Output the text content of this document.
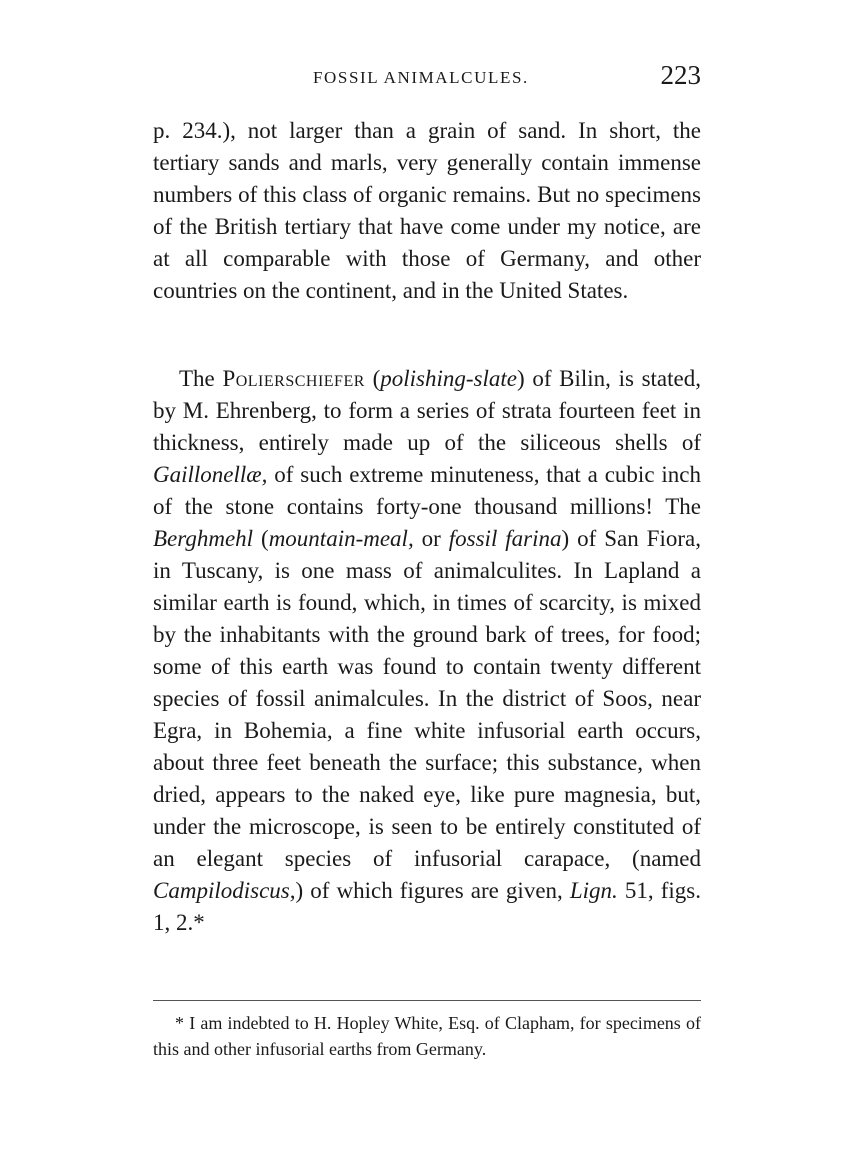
FOSSIL ANIMALCULES.	223

p. 234.), not larger than a grain of sand. In short, the tertiary sands and marls, very generally contain immense numbers of this class of organic remains. But no specimens of the British tertiary that have come under my notice, are at all comparable with those of Germany, and other countries on the continent, and in the United States.

The Polierschiefer (polishing-slate) of Bilin, is stated, by M. Ehrenberg, to form a series of strata fourteen feet in thickness, entirely made up of the siliceous shells of Gaillonellæ, of such extreme minuteness, that a cubic inch of the stone contains forty-one thousand millions! The Berghmehl (mountain-meal, or fossil farina) of San Fiora, in Tuscany, is one mass of animalculites. In Lapland a similar earth is found, which, in times of scarcity, is mixed by the inhabitants with the ground bark of trees, for food; some of this earth was found to contain twenty different species of fossil animalcules. In the district of Soos, near Egra, in Bohemia, a fine white infusorial earth occurs, about three feet beneath the surface; this substance, when dried, appears to the naked eye, like pure magnesia, but, under the microscope, is seen to be entirely constituted of an elegant species of infusorial carapace, (named Campilodiscus,) of which figures are given, Lign. 51, figs. 1, 2.*

* I am indebted to H. Hopley White, Esq. of Clapham, for specimens of this and other infusorial earths from Germany.
